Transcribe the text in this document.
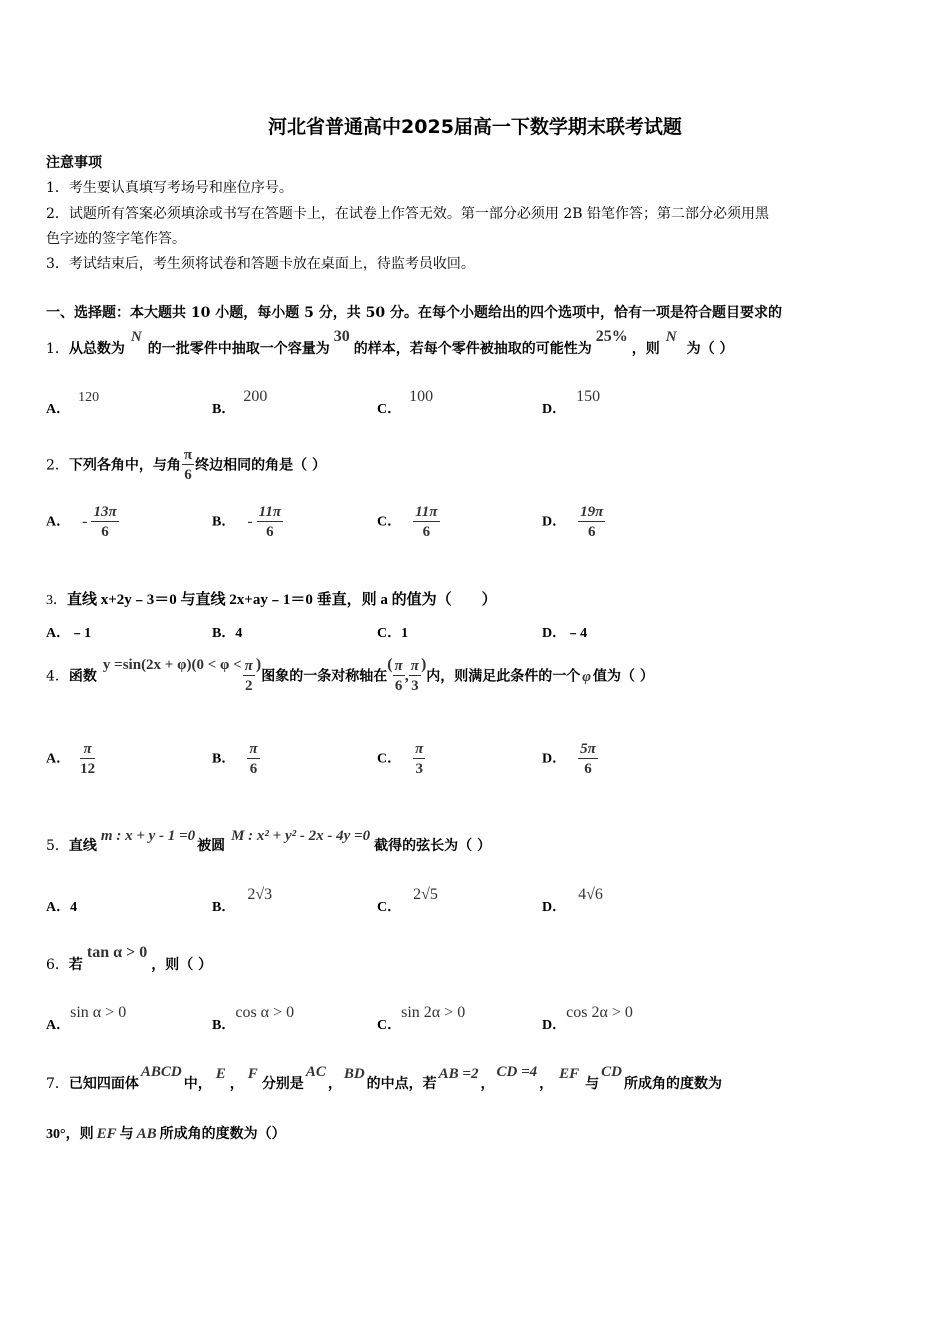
河北省普通高中2025届高一下数学期末联考试题
注意事项
1．考生要认真填写考场号和座位序号。
2．试题所有答案必须填涂或书写在答题卡上，在试卷上作答无效。第一部分必须用 2B 铅笔作答；第二部分必须用黑
色字迹的签字笔作答。
3．考试结束后，考生须将试卷和答题卡放在桌面上，待监考员收回。
一、选择题：本大题共 10 小题，每小题 5 分，共 50 分。在每个小题给出的四个选项中，恰有一项是符合题目要求的
1．从总数为N的一批零件中抽取一个容量为30的样本，若每个零件被抽取的可能性为25%，则N为（ ）
A．120
B．200
C．100
D．150
2．下列各角中，与角 $\frac{\pi}{6}$ 终边相同的角是（ ）
A． - $\frac{13\pi}{6}$	B． - $\frac{11\pi}{6}$	C． $\frac{11\pi}{6}$	D． $\frac{19\pi}{6}$
3．直线 x+2y﹣3＝0 与直线 2x+ay﹣1＝0 垂直，则 a 的值为（　　）
A．﹣1	B．4	C．1	D．﹣4
4．函数$y =\sin(2x + \varphi)(0 < \varphi < \frac{\pi}{2}$ )图象的一条对称轴在( $\frac{\pi}{6}$ , $\frac{\pi}{3}$ )内，则满足此条件的一个 φ 值为（ ）
A． $\frac{\pi}{12}$	B． $\frac{\pi}{6}$	C． $\frac{\pi}{3}$	D． $\frac{5\pi}{6}$
5．直线m : x + y - 1 =0被圆M : x² + y² - 2x - 4y =0截得的弦长为（ ）
A．4	B．2√3
C．2√5
D．4√6
6．若tan α > 0，则（ ）
A．sin α > 0
B．cos α > 0
C．sin 2α > 0
D．cos 2α > 0
7．已知四面体ABCD中，E，F分别是AC，BD的中点，若AB =2，CD =4，EF与CD所成角的度数为
30°，则 EF 与 AB 所成角的度数为（）
